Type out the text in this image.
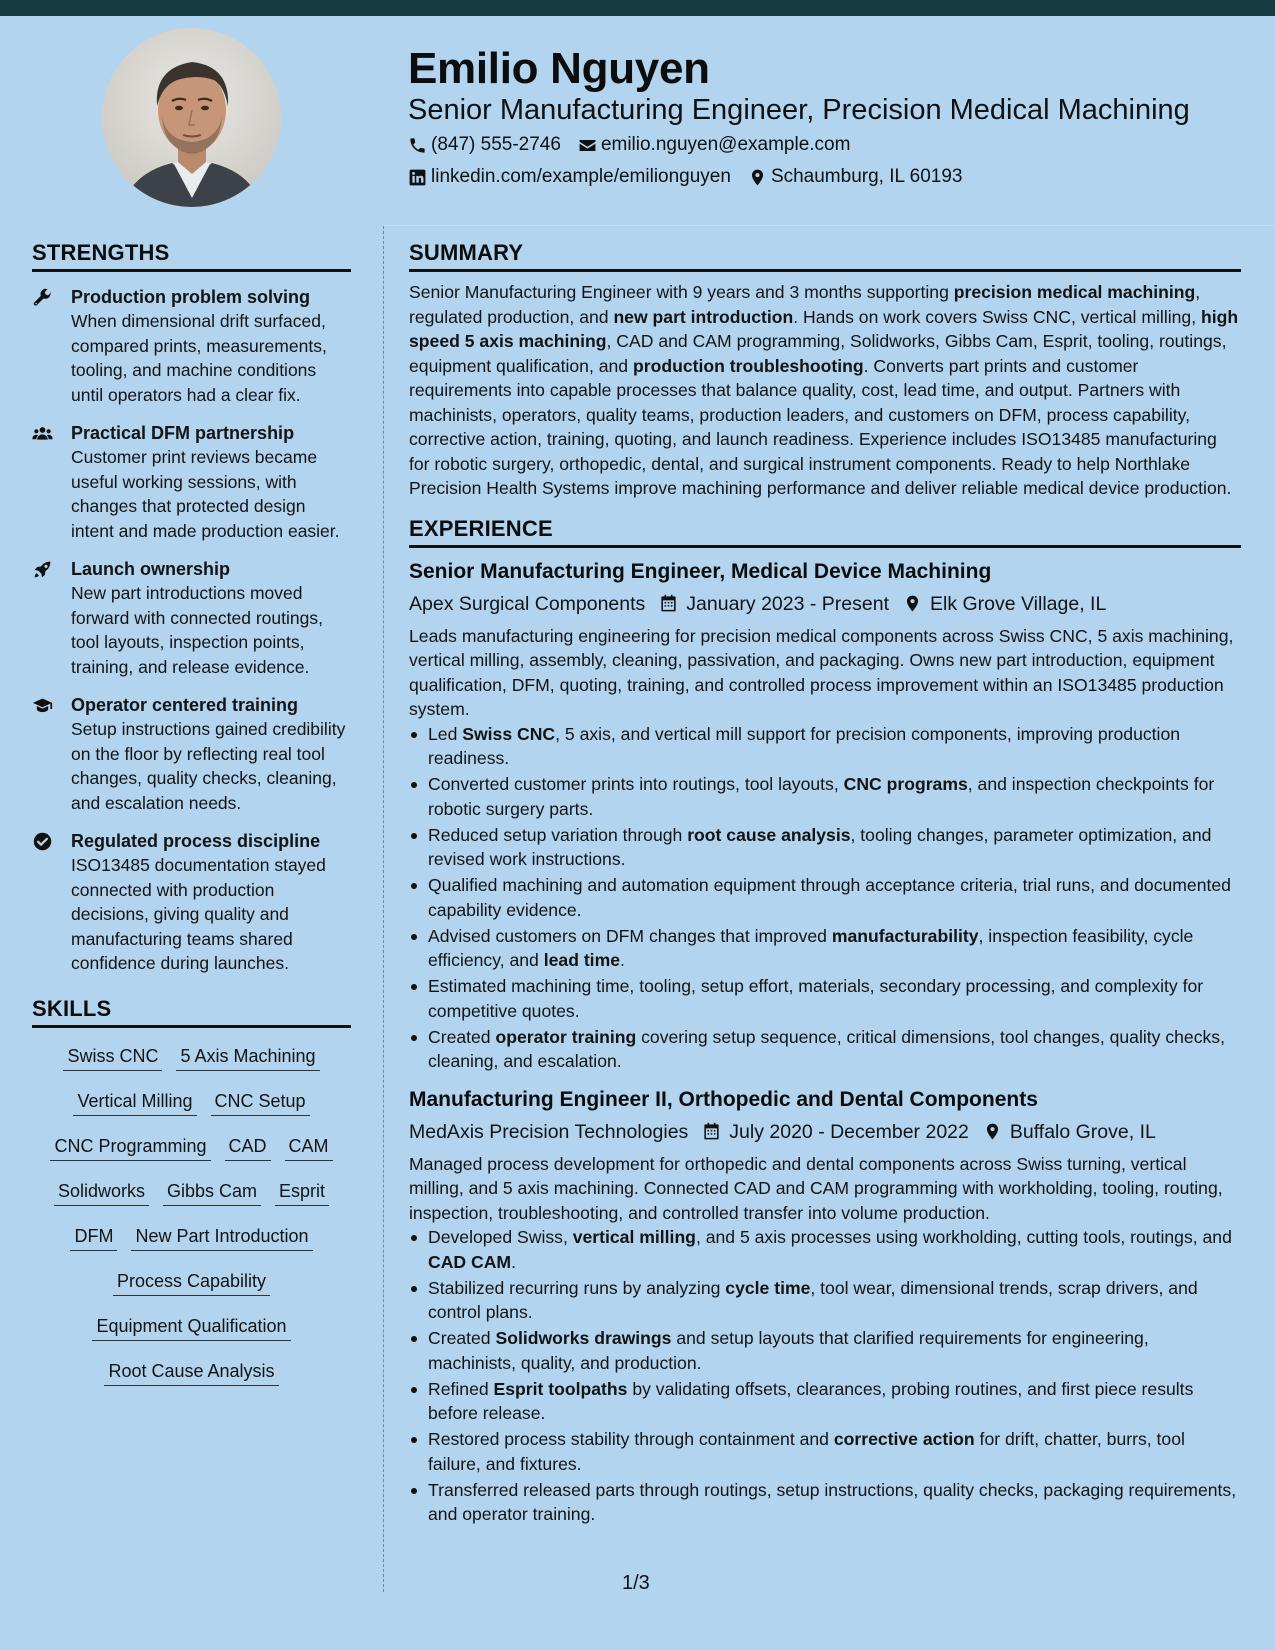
Emilio Nguyen
Senior Manufacturing Engineer, Precision Medical Machining
(847) 555-2746 emilio.nguyen@example.com
linkedin.com/example/emilionguyen Schaumburg, IL 60193
STRENGTHS
Production problem solving
When dimensional drift surfaced, compared prints, measurements, tooling, and machine conditions until operators had a clear fix.
Practical DFM partnership
Customer print reviews became useful working sessions, with changes that protected design intent and made production easier.
Launch ownership
New part introductions moved forward with connected routings, tool layouts, inspection points, training, and release evidence.
Operator centered training
Setup instructions gained credibility on the floor by reflecting real tool changes, quality checks, cleaning, and escalation needs.
Regulated process discipline
ISO13485 documentation stayed connected with production decisions, giving quality and manufacturing teams shared confidence during launches.
SKILLS
Swiss CNC 5 Axis Machining
Vertical Milling CNC Setup
CNC Programming CAD CAM
Solidworks Gibbs Cam Esprit
DFM New Part Introduction
Process Capability
Equipment Qualification
Root Cause Analysis
SUMMARY
Senior Manufacturing Engineer with 9 years and 3 months supporting precision medical machining, regulated production, and new part introduction. Hands on work covers Swiss CNC, vertical milling, high speed 5 axis machining, CAD and CAM programming, Solidworks, Gibbs Cam, Esprit, tooling, routings, equipment qualification, and production troubleshooting. Converts part prints and customer requirements into capable processes that balance quality, cost, lead time, and output. Partners with machinists, operators, quality teams, production leaders, and customers on DFM, process capability, corrective action, training, quoting, and launch readiness. Experience includes ISO13485 manufacturing for robotic surgery, orthopedic, dental, and surgical instrument components. Ready to help Northlake Precision Health Systems improve machining performance and deliver reliable medical device production.
EXPERIENCE
Senior Manufacturing Engineer, Medical Device Machining
Apex Surgical Components January 2023 - Present Elk Grove Village, IL
Leads manufacturing engineering for precision medical components across Swiss CNC, 5 axis machining, vertical milling, assembly, cleaning, passivation, and packaging. Owns new part introduction, equipment qualification, DFM, quoting, training, and controlled process improvement within an ISO13485 production system.
Led Swiss CNC, 5 axis, and vertical mill support for precision components, improving production readiness.
Converted customer prints into routings, tool layouts, CNC programs, and inspection checkpoints for robotic surgery parts.
Reduced setup variation through root cause analysis, tooling changes, parameter optimization, and revised work instructions.
Qualified machining and automation equipment through acceptance criteria, trial runs, and documented capability evidence.
Advised customers on DFM changes that improved manufacturability, inspection feasibility, cycle efficiency, and lead time.
Estimated machining time, tooling, setup effort, materials, secondary processing, and complexity for competitive quotes.
Created operator training covering setup sequence, critical dimensions, tool changes, quality checks, cleaning, and escalation.
Manufacturing Engineer II, Orthopedic and Dental Components
MedAxis Precision Technologies July 2020 - December 2022 Buffalo Grove, IL
Managed process development for orthopedic and dental components across Swiss turning, vertical milling, and 5 axis machining. Connected CAD and CAM programming with workholding, tooling, routing, inspection, troubleshooting, and controlled transfer into volume production.
Developed Swiss, vertical milling, and 5 axis processes using workholding, cutting tools, routings, and CAD CAM.
Stabilized recurring runs by analyzing cycle time, tool wear, dimensional trends, scrap drivers, and control plans.
Created Solidworks drawings and setup layouts that clarified requirements for engineering, machinists, quality, and production.
Refined Esprit toolpaths by validating offsets, clearances, probing routines, and first piece results before release.
Restored process stability through containment and corrective action for drift, chatter, burrs, tool failure, and fixtures.
Transferred released parts through routings, setup instructions, quality checks, packaging requirements, and operator training.
1/3
